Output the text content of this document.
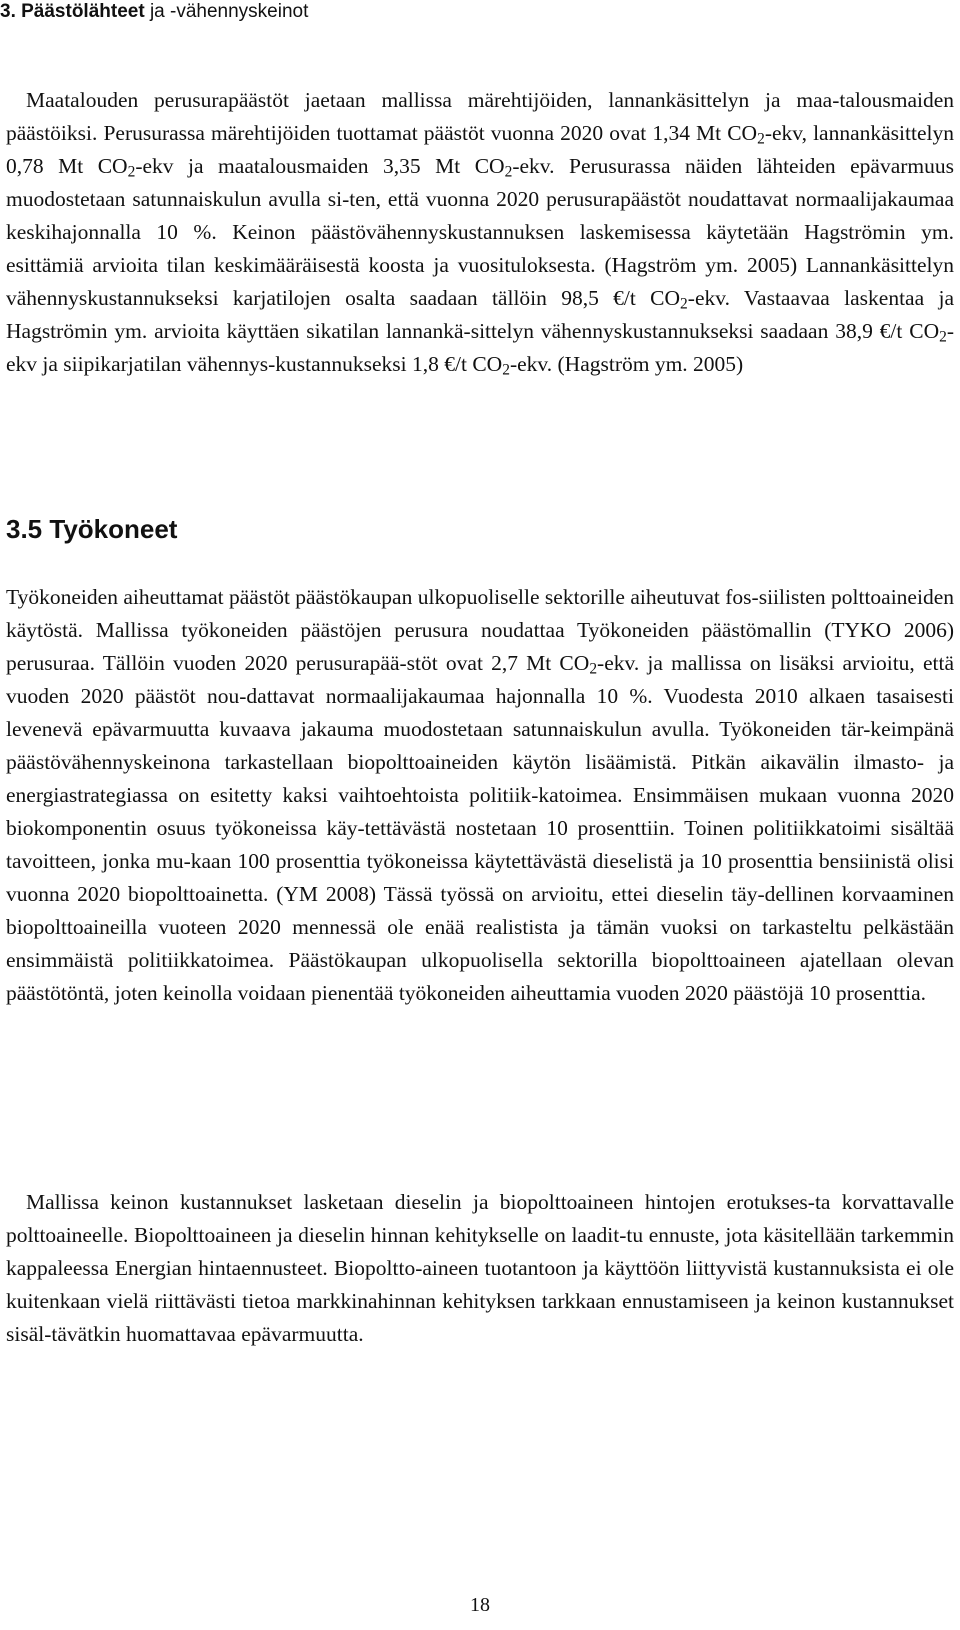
3. Päästölähteet ja -vähennyskeinot

Maatalouden perusurapäästöt jaetaan mallissa märehtijöiden, lannankäsittelyn ja maa-talousmaiden päästöiksi. Perusurassa märehtijöiden tuottamat päästöt vuonna 2020 ovat 1,34 Mt $CO_2$-ekv, lannankäsittelyn 0,78 Mt $CO_2$-ekv ja maatalousmaiden 3,35 Mt $CO_2$-ekv. Perusurassa näiden lähteiden epävarmuus muodostetaan satunnaiskulun avulla si-ten, että vuonna 2020 perusurapäästöt noudattavat normaalijakaumaa keskihajonnalla 10 %. Keinon päästövähennyskustannuksen laskemisessa käytetään Hagströmin ym. esittämiä arvioita tilan keskimääräisestä koosta ja vuosituloksesta. (Hagström ym. 2005) Lannankäsittelyn vähennyskustannukseksi karjatilojen osalta saadaan tällöin 98,5 €/t $CO_2$-ekv. Vastaavaa laskentaa ja Hagströmin ym. arvioita käyttäen sikatilan lannankä-sittelyn vähennyskustannukseksi saadaan 38,9 €/t $CO_2$-ekv ja siipikarjatilan vähennys-kustannukseksi 1,8 €/t $CO_2$-ekv. (Hagström ym. 2005)

3.5 Työkoneet

Työkoneiden aiheuttamat päästöt päästökaupan ulkopuoliselle sektorille aiheutuvat fos-siilisten polttoaineiden käytöstä. Mallissa työkoneiden päästöjen perusura noudattaa Työkoneiden päästömallin (TYKO 2006) perusuraa. Tällöin vuoden 2020 perusurapää-stöt ovat 2,7 Mt $CO_2$-ekv. ja mallissa on lisäksi arvioitu, että vuoden 2020 päästöt nou-dattavat normaalijakaumaa hajonnalla 10 %. Vuodesta 2010 alkaen tasaisesti levenevä epävarmuutta kuvaava jakauma muodostetaan satunnaiskulun avulla. Työkoneiden tär-keimpänä päästövähennyskeinona tarkastellaan biopolttoaineiden käytön lisäämistä. Pitkän aikavälin ilmasto- ja energiastrategiassa on esitetty kaksi vaihtoehtoista politiik-katoimea. Ensimmäisen mukaan vuonna 2020 biokomponentin osuus työkoneissa käy-tettävästä nostetaan 10 prosenttiin. Toinen politiikkatoimi sisältää tavoitteen, jonka mu-kaan 100 prosenttia työkoneissa käytettävästä dieselistä ja 10 prosenttia bensiinistä olisi vuonna 2020 biopolttoainetta. (YM 2008) Tässä työssä on arvioitu, ettei dieselin täy-dellinen korvaaminen biopolttoaineilla vuoteen 2020 mennessä ole enää realistista ja tämän vuoksi on tarkasteltu pelkästään ensimmäistä politiikkatoimea. Päästökaupan ulkopuolisella sektorilla biopolttoaineen ajatellaan olevan päästötöntä, joten keinolla voidaan pienentää työkoneiden aiheuttamia vuoden 2020 päästöjä 10 prosenttia.

Mallissa keinon kustannukset lasketaan dieselin ja biopolttoaineen hintojen erotukses-ta korvattavalle polttoaineelle. Biopolttoaineen ja dieselin hinnan kehitykselle on laadit-tu ennuste, jota käsitellään tarkemmin kappaleessa Energian hintaennusteet. Biopoltto-aineen tuotantoon ja käyttöön liittyvistä kustannuksista ei ole kuitenkaan vielä riittävästi tietoa markkinahinnan kehityksen tarkkaan ennustamiseen ja keinon kustannukset sisäl-tävätkin huomattavaa epävarmuutta.

18
